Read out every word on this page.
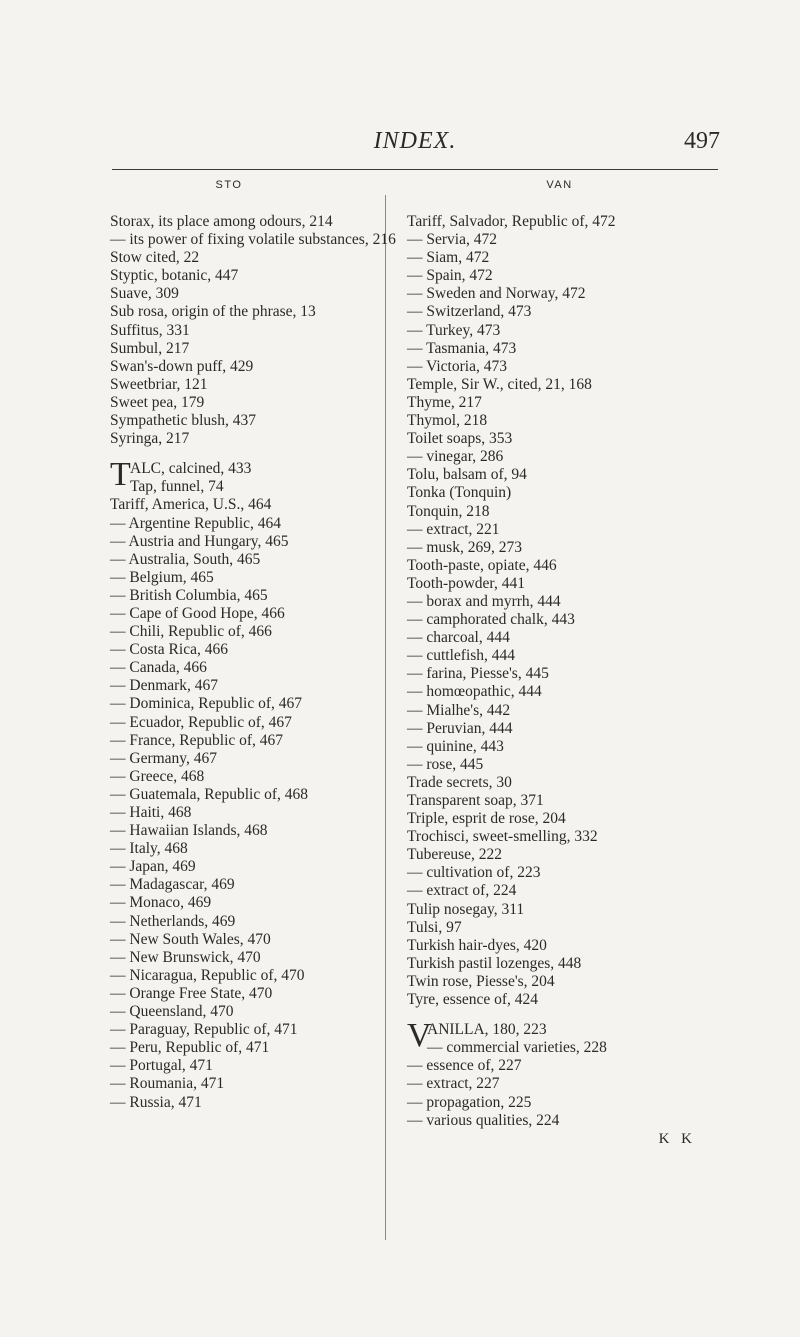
INDEX.	497
STO
Storax, its place among odours, 214
— its power of fixing volatile substances, 216
Stow cited, 22
Styptic, botanic, 447
Suave, 309
Sub rosa, origin of the phrase, 13
Suffitus, 331
Sumbul, 217
Swan's-down puff, 429
Sweetbriar, 121
Sweet pea, 179
Sympathetic blush, 437
Syringa, 217
T ALC, calcined, 433
Tap, funnel, 74
Tariff, America, U.S., 464
— Argentine Republic, 464
— Austria and Hungary, 465
— Australia, South, 465
— Belgium, 465
— British Columbia, 465
— Cape of Good Hope, 466
— Chili, Republic of, 466
— Costa Rica, 466
— Canada, 466
— Denmark, 467
— Dominica, Republic of, 467
— Ecuador, Republic of, 467
— France, Republic of, 467
— Germany, 467
— Greece, 468
— Guatemala, Republic of, 468
— Haiti, 468
— Hawaiian Islands, 468
— Italy, 468
— Japan, 469
— Madagascar, 469
— Monaco, 469
— Netherlands, 469
— New South Wales, 470
— New Brunswick, 470
— Nicaragua, Republic of, 470
— Orange Free State, 470
— Queensland, 470
— Paraguay, Republic of, 471
— Peru, Republic of, 471
— Portugal, 471
— Roumania, 471
— Russia, 471
VAN
Tariff, Salvador, Republic of, 472
— Servia, 472
— Siam, 472
— Spain, 472
— Sweden and Norway, 472
— Switzerland, 473
— Turkey, 473
— Tasmania, 473
— Victoria, 473
Temple, Sir W., cited, 21, 168
Thyme, 217
Thymol, 218
Toilet soaps, 353
— vinegar, 286
Tolu, balsam of, 94
Tonka (Tonquin)
Tonquin, 218
— extract, 221
— musk, 269, 273
Tooth-paste, opiate, 446
Tooth-powder, 441
— borax and myrrh, 444
— camphorated chalk, 443
— charcoal, 444
— cuttlefish, 444
— farina, Piesse's, 445
— homœopathic, 444
— Mialhe's, 442
— Peruvian, 444
— quinine, 443
— rose, 445
Trade secrets, 30
Transparent soap, 371
Triple, esprit de rose, 204
Trochisci, sweet-smelling, 332
Tubereuse, 222
— cultivation of, 223
— extract of, 224
Tulip nosegay, 311
Tulsi, 97
Turkish hair-dyes, 420
Turkish pastil lozenges, 448
Twin rose, Piesse's, 204
Tyre, essence of, 424
V
ANILLA, 180, 223
— commercial varieties, 228
— essence of, 227
— extract, 227
— propagation, 225
— various qualities, 224
K K
